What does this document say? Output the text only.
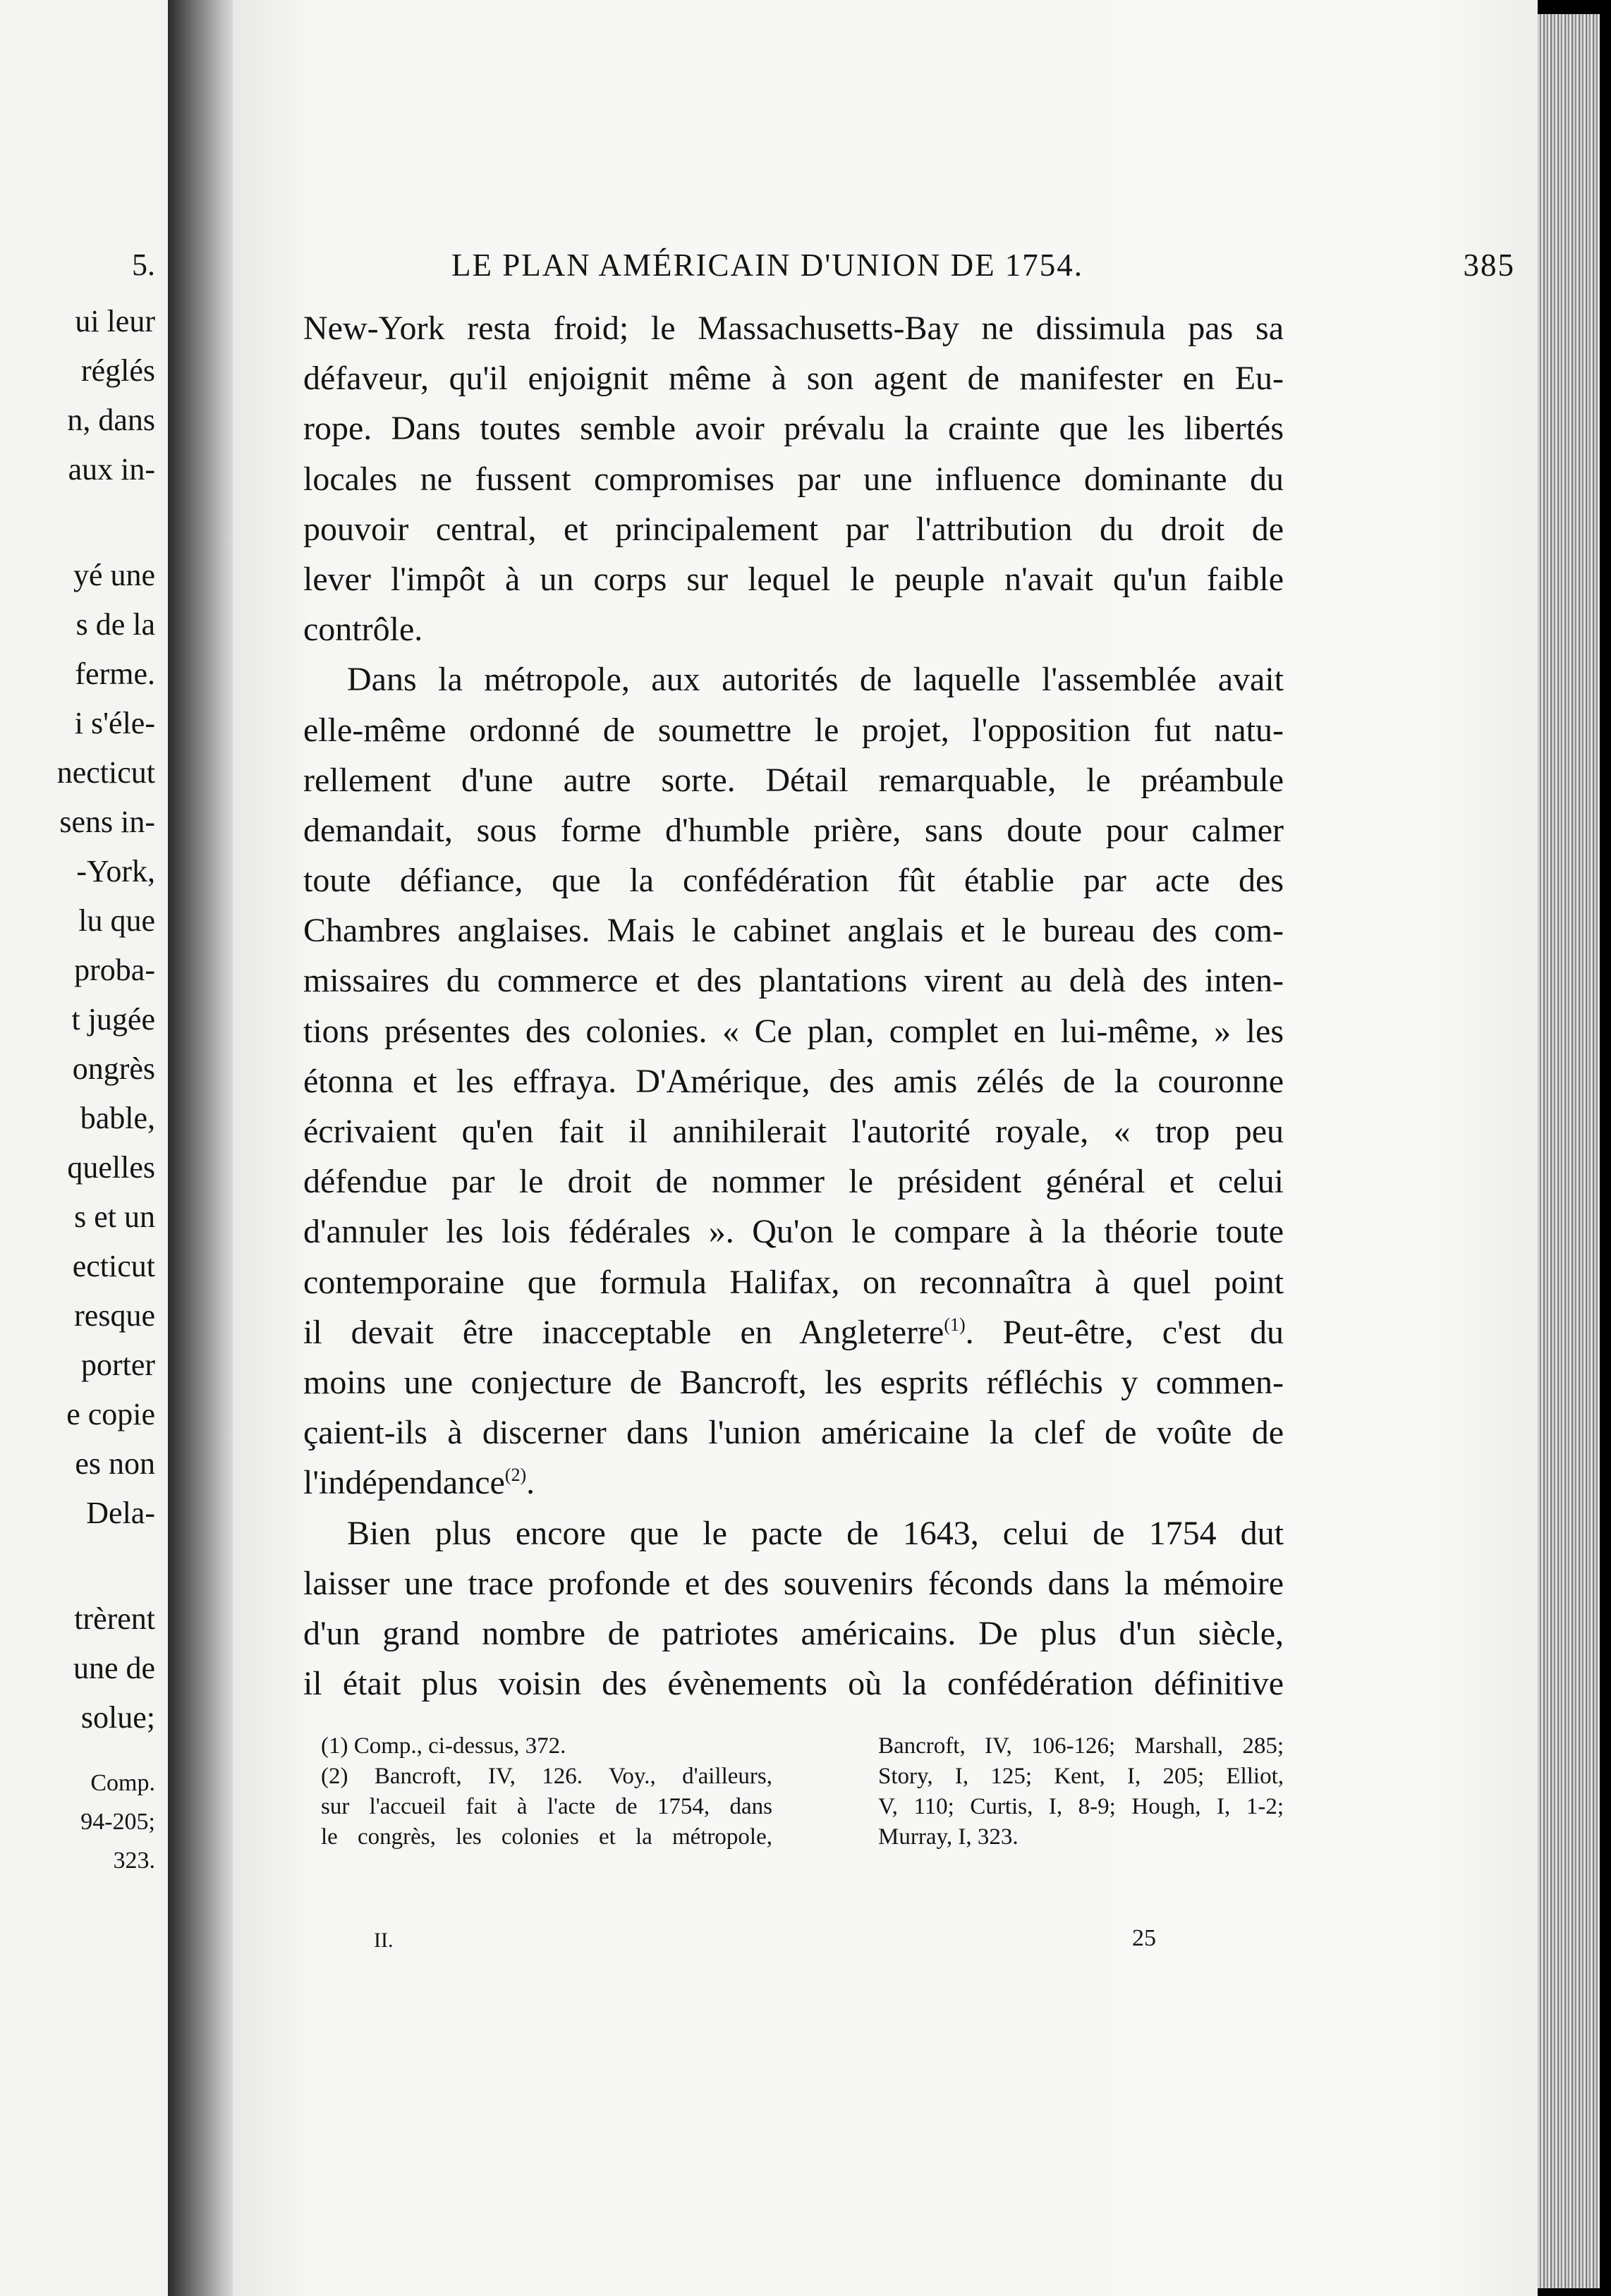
5.
ui leur
réglés
n, dans
aux in-
yé une
s de la
ferme.
i s'éle-
necticut
sens in-
-York,
lu que
proba-
t jugée
ongrès
bable,
quelles
s et un
ecticut
resque
porter
e copie
es non
Dela-
trèrent
une de
solue;
Comp.
94-205;
323.
LE PLAN AMÉRICAIN D'UNION DE 1754.	385
New-York resta froid; le Massachusetts-Bay ne dissimula pas sa
défaveur, qu'il enjoignit même à son agent de manifester en Eu-
rope. Dans toutes semble avoir prévalu la crainte que les libertés
locales ne fussent compromises par une influence dominante du
pouvoir central, et principalement par l'attribution du droit de
lever l'impôt à un corps sur lequel le peuple n'avait qu'un faible
contrôle.
Dans la métropole, aux autorités de laquelle l'assemblée avait
elle-même ordonné de soumettre le projet, l'opposition fut natu-
rellement d'une autre sorte. Détail remarquable, le préambule
demandait, sous forme d'humble prière, sans doute pour calmer
toute défiance, que la confédération fût établie par acte des
Chambres anglaises. Mais le cabinet anglais et le bureau des com-
missaires du commerce et des plantations virent au delà des inten-
tions présentes des colonies. « Ce plan, complet en lui-même, » les
étonna et les effraya. D'Amérique, des amis zélés de la couronne
écrivaient qu'en fait il annihilerait l'autorité royale, « trop peu
défendue par le droit de nommer le président général et celui
d'annuler les lois fédérales ». Qu'on le compare à la théorie toute
contemporaine que formula Halifax, on reconnaîtra à quel point
il devait être inacceptable en Angleterre$^{(1)}$. Peut-être, c'est du
moins une conjecture de Bancroft, les esprits réfléchis y commen-
çaient-ils à discerner dans l'union américaine la clef de voûte de
l'indépendance$^{(2)}$.
Bien plus encore que le pacte de 1643, celui de 1754 dut
laisser une trace profonde et des souvenirs féconds dans la mémoire
d'un grand nombre de patriotes américains. De plus d'un siècle,
il était plus voisin des évènements où la confédération définitive
(1) Comp., ci-dessus, 372.
(2) Bancroft, IV, 126. Voy., d'ailleurs,
sur l'accueil fait à l'acte de 1754, dans
le congrès, les colonies et la métropole,
Bancroft, IV, 106-126; Marshall, 285;
Story, I, 125; Kent, I, 205; Elliot,
V, 110; Curtis, I, 8-9; Hough, I, 1-2;
Murray, I, 323.
II.	25
